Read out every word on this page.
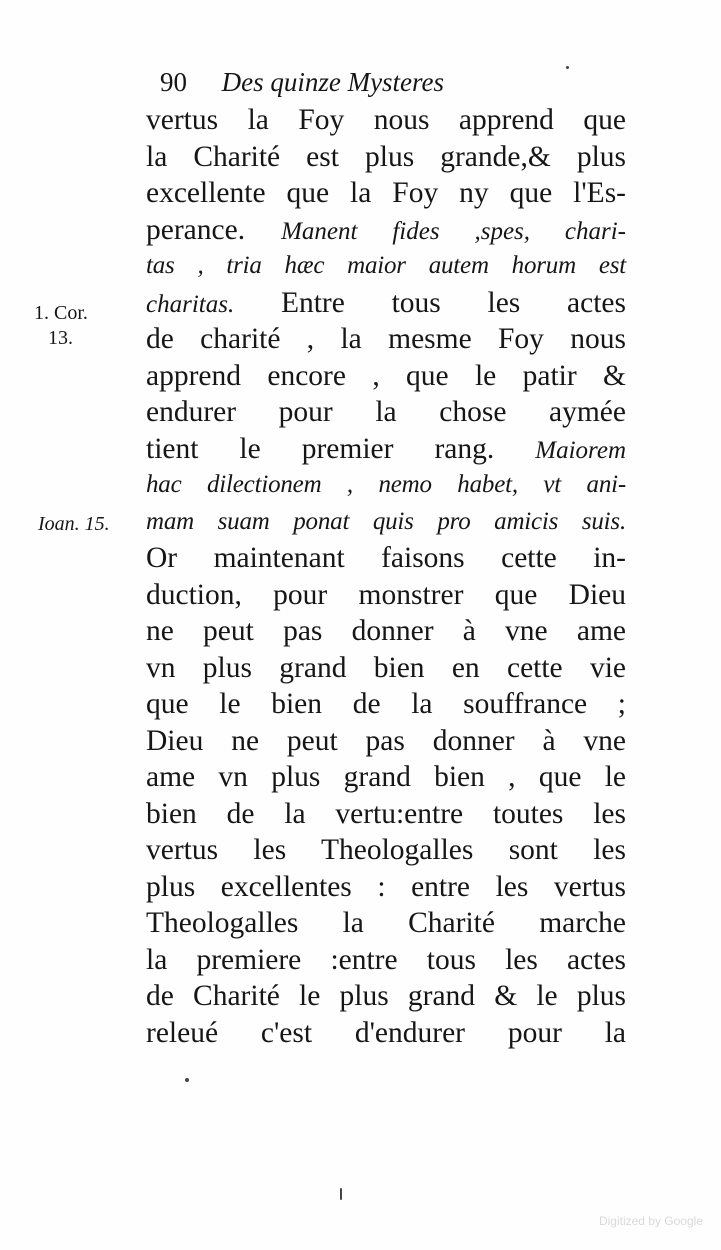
90 Des quinze Mysteres
1. Cor.
13.
Ioan. 15.
vertus la Foy nous apprend que
la Charité est plus grande,& plus
excellente que la Foy ny que l'Es-
perance. Manent fides ,spes, chari-
tas , tria hæc maior autem horum est
charitas. Entre tous les actes
de charité , la mesme Foy nous
apprend encore , que le patir &
endurer pour la chose aymée
tient le premier rang. Maiorem
hac dilectionem , nemo habet, vt ani-
mam suam ponat quis pro amicis suis.
Or maintenant faisons cette in-
duction, pour monstrer que Dieu
ne peut pas donner à vne ame
vn plus grand bien en cette vie
que le bien de la souffrance ;
Dieu ne peut pas donner à vne
ame vn plus grand bien , que le
bien de la vertu:entre toutes les
vertus les Theologalles sont les
plus excellentes : entre les vertus
Theologalles la Charité marche
la premiere :entre tous les actes
de Charité le plus grand & le plus
releué c'est d'endurer pour la
Digitized by Google
